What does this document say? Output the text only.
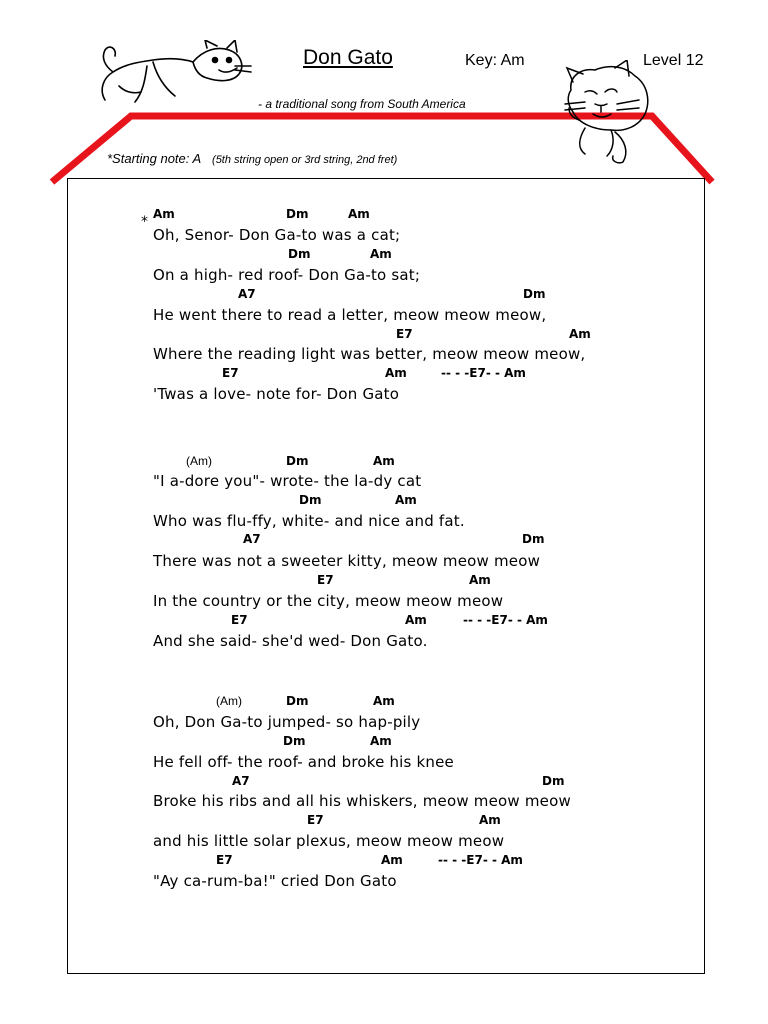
Don Gato	Key: Am	Level 12
- a traditional song from South America
*Starting note: A (5th string open or 3rd string, 2nd fret)
* Am	Dm	Am
Oh, Senor- Don Ga-to was a cat;
Dm	Am
On a high- red roof- Don Ga-to sat;
A7	Dm
He went there to read a letter, meow meow meow,
E7	Am
Where the reading light was better, meow meow meow,
E7	Am	-- - -E7- - Am
'Twas a love- note for- Don Gato
(Am)	Dm	Am
"I a-dore you"- wrote- the la-dy cat
Dm	Am
Who was flu-ffy, white- and nice and fat.
A7	Dm
There was not a sweeter kitty, meow meow meow
E7	Am
In the country or the city, meow meow meow
E7	Am	-- - -E7- - Am
And she said- she'd wed- Don Gato.
(Am)	Dm	Am
Oh, Don Ga-to jumped- so hap-pily
Dm	Am
He fell off- the roof- and broke his knee
A7	Dm
Broke his ribs and all his whiskers, meow meow meow
E7	Am
and his little solar plexus, meow meow meow
E7	Am	-- - -E7- - Am
"Ay ca-rum-ba!" cried Don Gato
